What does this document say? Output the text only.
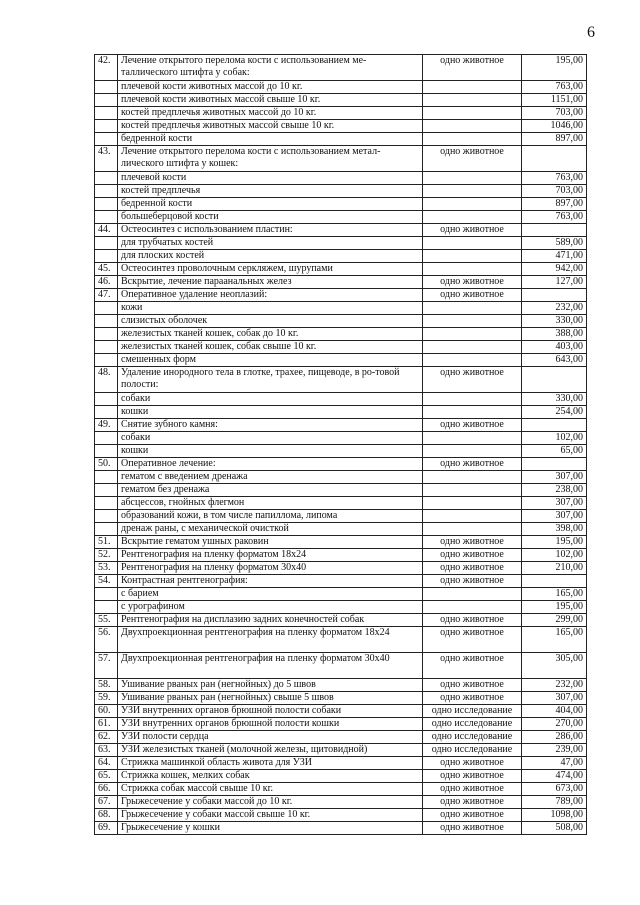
6
42.	Лечение открытого перелома кости с использованием ме-таллического штифта у собак:	одно животное	195,00
	плечевой кости животных массой до 10 кг.		763,00
	плечевой кости животных массой свыше 10 кг.		1151,00
	костей предплечья животных массой до 10 кг.		703,00
	костей предплечья животных массой свыше 10 кг.		1046,00
	бедренной кости		897,00
43.	Лечение открытого перелома кости с использованием метал-лического штифта у кошек:	одно животное	
	плечевой кости		763,00
	костей предплечья		703,00
	бедренной кости		897,00
	большеберцовой кости		763,00
44.	Остеосинтез с использованием пластин:	одно животное	
	для трубчатых костей		589,00
	для плоских костей		471,00
45.	Остеосинтез проволочным серкляжем, шурупами		942,00
46.	Вскрытие, лечение параанальных желез	одно животное	127,00
47.	Оперативное удаление неоплазий:	одно животное	
	кожи		232,00
	слизистых оболочек		330,00
	железистых тканей кошек, собак до 10 кг.		388,00
	железистых тканей кошек, собак свыше 10 кг.		403,00
	смешенных форм		643,00
48.	Удаление инородного тела в глотке, трахее, пищеводе, в ро-товой полости:	одно животное	
	собаки		330,00
	кошки		254,00
49.	Снятие зубного камня:	одно животное	
	собаки		102,00
	кошки		65,00
50.	Оперативное лечение:	одно животное	
	гематом с введением дренажа		307,00
	гематом без дренажа		238,00
	абсцессов, гнойных флегмон		307,00
	образований кожи, в том числе папиллома, липома		307,00
	дренаж раны, с механической очисткой		398,00
51.	Вскрытие гематом ушных раковин	одно животное	195,00
52.	Рентгенография на пленку форматом 18х24	одно животное	102,00
53.	Рентгенография на пленку форматом 30х40	одно животное	210,00
54.	Контрастная рентгенография:	одно животное	
	с барием		165,00
	с урографином		195,00
55.	Рентгенография на дисплазию задних конечностей собак	одно животное	299,00
56.	Двухпроекционная рентгенография на пленку форматом 18х24	одно животное	165,00
57.	Двухпроекционная рентгенография на пленку форматом 30х40	одно животное	305,00
58.	Ушивание рваных ран (негнойных) до 5 швов	одно животное	232,00
59.	Ушивание рваных ран (негнойных) свыше 5 швов	одно животное	307,00
60.	УЗИ внутренних органов брюшной полости собаки	одно исследование	404,00
61.	УЗИ внутренних органов брюшной полости кошки	одно исследование	270,00
62.	УЗИ полости сердца	одно исследование	286,00
63.	УЗИ железистых тканей (молочной железы, щитовидной)	одно исследование	239,00
64.	Стрижка машинкой область живота для УЗИ	одно животное	47,00
65.	Стрижка кошек, мелких собак	одно животное	474,00
66.	Стрижка собак массой свыше 10 кг.	одно животное	673,00
67.	Грыжесечение у собаки массой до 10 кг.	одно животное	789,00
68.	Грыжесечение у собаки массой свыше 10 кг.	одно животное	1098,00
69.	Грыжесечение у кошки	одно животное	508,00
